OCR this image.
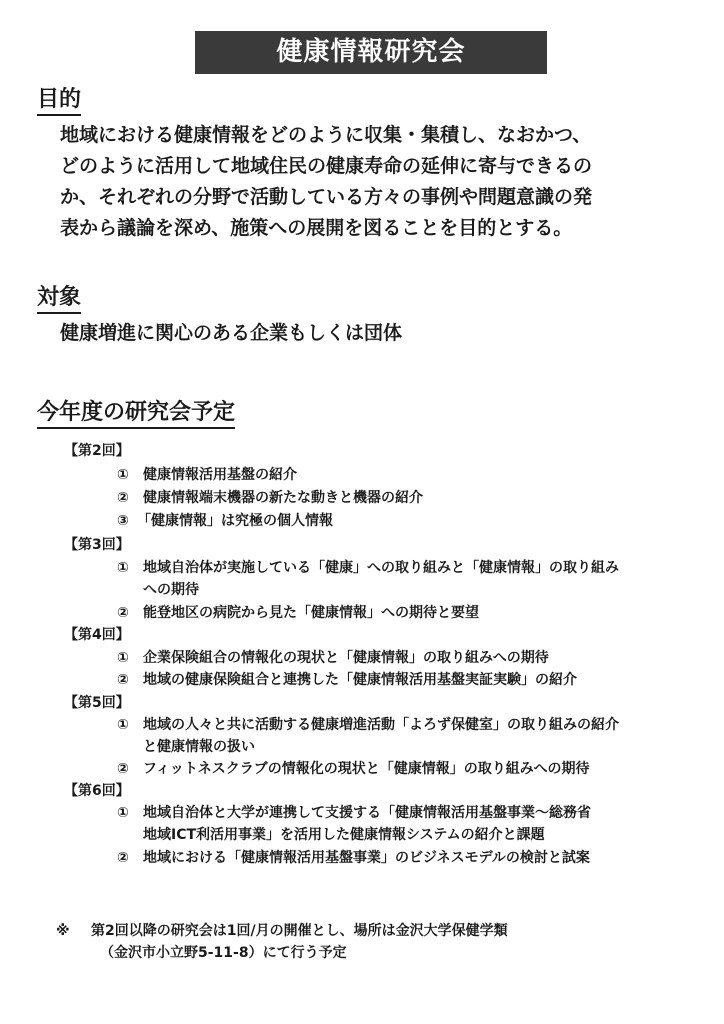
健康情報研究会
目的
地域における健康情報をどのように収集・集積し、なおかつ、
どのように活用して地域住民の健康寿命の延伸に寄与できるの
か、それぞれの分野で活動している方々の事例や問題意識の発
表から議論を深め、施策への展開を図ることを目的とする。
対象
健康増進に関心のある企業もしくは団体
今年度の研究会予定
【第2回】
① 健康情報活用基盤の紹介
② 健康情報端末機器の新たな動きと機器の紹介
③ 「健康情報」は究極の個人情報
【第3回】
① 地域自治体が実施している「健康」への取り組みと「健康情報」の取り組み
への期待
② 能登地区の病院から見た「健康情報」への期待と要望
【第4回】
① 企業保険組合の情報化の現状と「健康情報」の取り組みへの期待
② 地域の健康保険組合と連携した「健康情報活用基盤実証実験」の紹介
【第5回】
① 地域の人々と共に活動する健康増進活動「よろず保健室」の取り組みの紹介
と健康情報の扱い
② フィットネスクラブの情報化の現状と「健康情報」の取り組みへの期待
【第6回】
① 地域自治体と大学が連携して支援する「健康情報活用基盤事業～総務省
地域ICT利活用事業」を活用した健康情報システムの紹介と課題
② 地域における「健康情報活用基盤事業」のビジネスモデルの検討と試案
※ 第2回以降の研究会は1回/月の開催とし、場所は金沢大学保健学類
（金沢市小立野5-11-8）にて行う予定
